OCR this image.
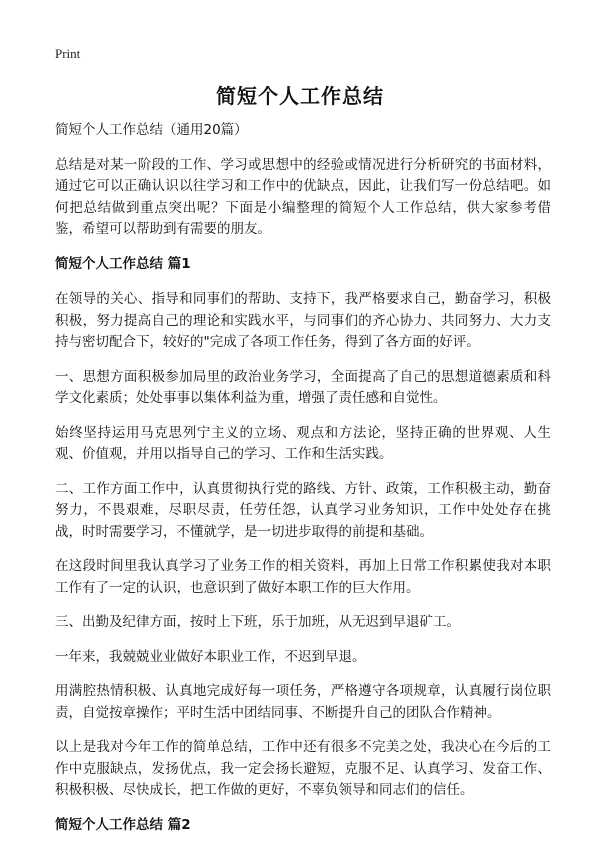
Print
简短个人工作总结

简短个人工作总结（通用20篇）

总结是对某一阶段的工作、学习或思想中的经验或情况进行分析研究的书面材料，通过它可以正确认识以往学习和工作中的优缺点，因此，让我们写一份总结吧。如何把总结做到重点突出呢？下面是小编整理的简短个人工作总结，供大家参考借鉴，希望可以帮助到有需要的朋友。

简短个人工作总结 篇1

在领导的关心、指导和同事们的帮助、支持下，我严格要求自己，勤奋学习，积极积极，努力提高自己的理论和实践水平，与同事们的齐心协力、共同努力、大力支持与密切配合下，较好的"完成了各项工作任务，得到了各方面的好评。

一、思想方面积极参加局里的政治业务学习，全面提高了自己的思想道德素质和科学文化素质；处处事事以集体利益为重，增强了责任感和自觉性。

始终坚持运用马克思列宁主义的立场、观点和方法论，坚持正确的世界观、人生观、价值观，并用以指导自己的学习、工作和生活实践。

二、工作方面工作中，认真贯彻执行党的路线、方针、政策，工作积极主动，勤奋努力，不畏艰难，尽职尽责，任劳任怨，认真学习业务知识，工作中处处存在挑战，时时需要学习，不懂就学，是一切进步取得的前提和基础。

在这段时间里我认真学习了业务工作的相关资料，再加上日常工作积累使我对本职工作有了一定的认识，也意识到了做好本职工作的巨大作用。

三、出勤及纪律方面，按时上下班，乐于加班，从无迟到早退矿工。

一年来，我兢兢业业做好本职业工作，不迟到早退。

用满腔热情积极、认真地完成好每一项任务，严格遵守各项规章，认真履行岗位职责，自觉按章操作；平时生活中团结同事、不断提升自己的团队合作精神。

以上是我对今年工作的简单总结，工作中还有很多不完美之处，我决心在今后的工作中克服缺点，发扬优点，我一定会扬长避短，克服不足、认真学习、发奋工作、积极积极、尽快成长，把工作做的更好，不辜负领导和同志们的信任。

简短个人工作总结 篇2
